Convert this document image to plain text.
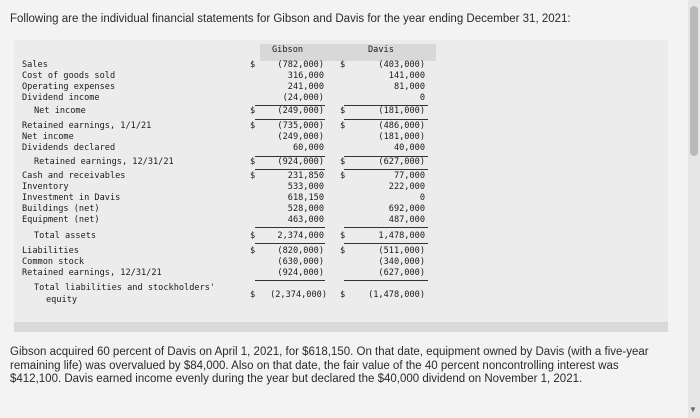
Following are the individual financial statements for Gibson and Davis for the year ending December 31, 2021:
Gibson	Davis
Sales	$	(782,000) $	(403,000)
Cost of goods sold	316,000	141,000
Operating expenses	241,000	81,000
Dividend income	(24,000)	0
Net income	$	(249,000) $	(181,000)
Retained earnings, 1/1/21	$	(735,000) $	(486,000)
Net income	(249,000)	(181,000)
Dividends declared	60,000	40,000
Retained earnings, 12/31/21	$	(924,000) $	(627,000)
Cash and receivables	$	231,850 $	77,000
Inventory	533,000	222,000
Investment in Davis	618,150	0
Buildings (net)	528,000	692,000
Equipment (net)	463,000	487,000
Total assets	$	2,374,000 $	1,478,000
Liabilities	$	(820,000) $	(511,000)
Common stock	(630,000)	(340,000)
Retained earnings, 12/31/21	(924,000)	(627,000)
Total liabilities and stockholders'
equity	$	(2,374,000) $	(1,478,000)
Gibson acquired 60 percent of Davis on April 1, 2021, for $618,150. On that date, equipment owned by Davis (with a five-year
remaining life) was overvalued by $84,000. Also on that date, the fair value of the 40 percent noncontrolling interest was
$412,100. Davis earned income evenly during the year but declared the $40,000 dividend on November 1, 2021.
▼
